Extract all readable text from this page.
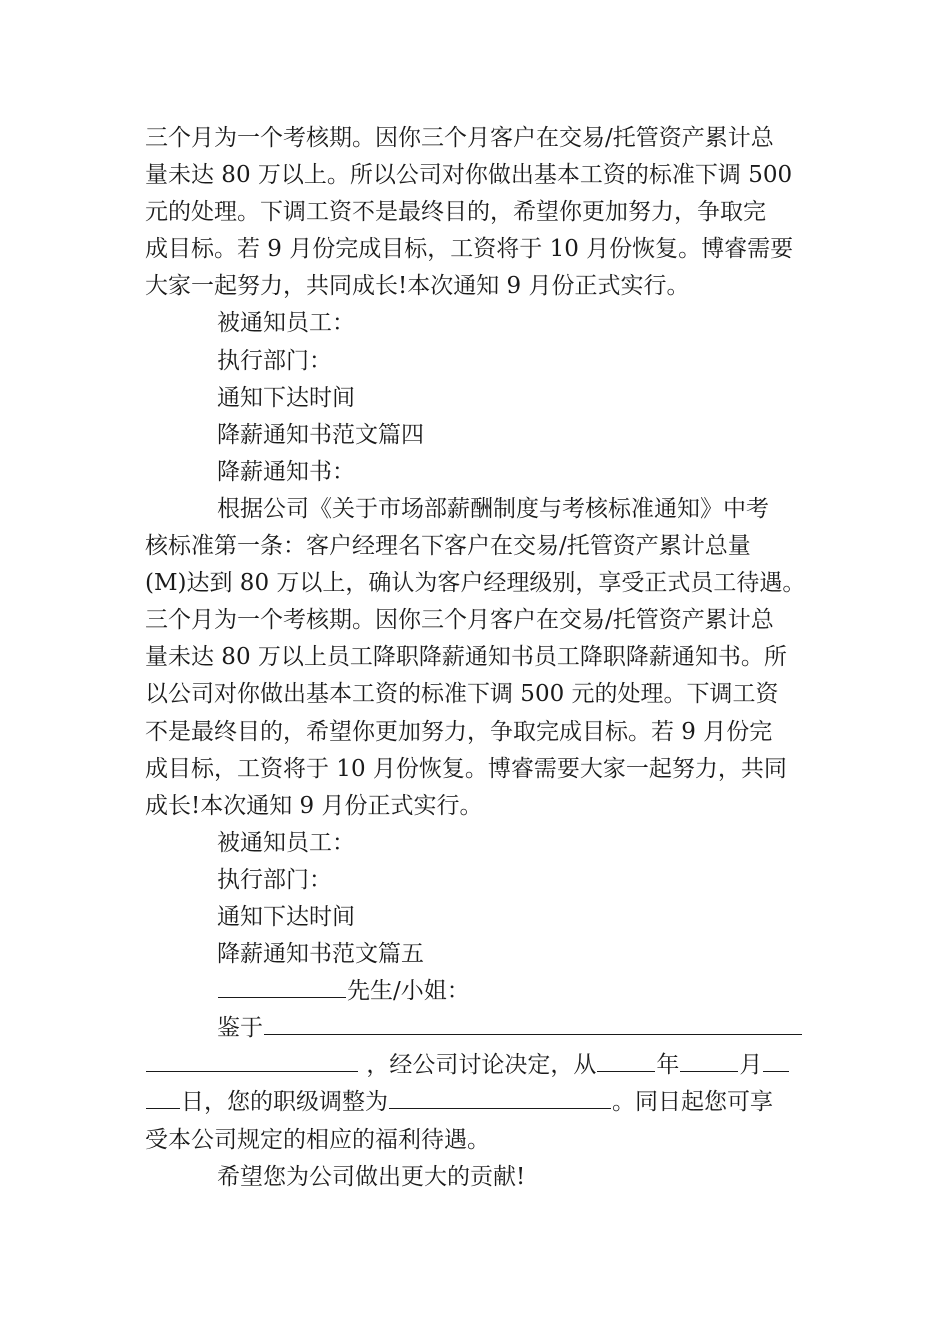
三个月为一个考核期。因你三个月客户在交易/托管资产累计总
量未达 80 万以上。所以公司对你做出基本工资的标准下调 500
元的处理。下调工资不是最终目的，希望你更加努力，争取完
成目标。若 9 月份完成目标，工资将于 10 月份恢复。博睿需要
大家一起努力，共同成长!本次通知 9 月份正式实行。
被通知员工：
执行部门：
通知下达时间
降薪通知书范文篇四
降薪通知书：
根据公司《关于市场部薪酬制度与考核标准通知》中考
核标准第一条：客户经理名下客户在交易/托管资产累计总量
(M)达到 80 万以上，确认为客户经理级别，享受正式员工待遇。
三个月为一个考核期。因你三个月客户在交易/托管资产累计总
量未达 80 万以上员工降职降薪通知书员工降职降薪通知书。所
以公司对你做出基本工资的标准下调 500 元的处理。下调工资
不是最终目的，希望你更加努力，争取完成目标。若 9 月份完
成目标，工资将于 10 月份恢复。博睿需要大家一起努力，共同
成长!本次通知 9 月份正式实行。
被通知员工：
执行部门：
通知下达时间
降薪通知书范文篇五
先生/小姐：
鉴于
，经公司讨论决定，从	年	月
日，您的职级调整为	。同日起您可享
受本公司规定的相应的福利待遇。
希望您为公司做出更大的贡献!
